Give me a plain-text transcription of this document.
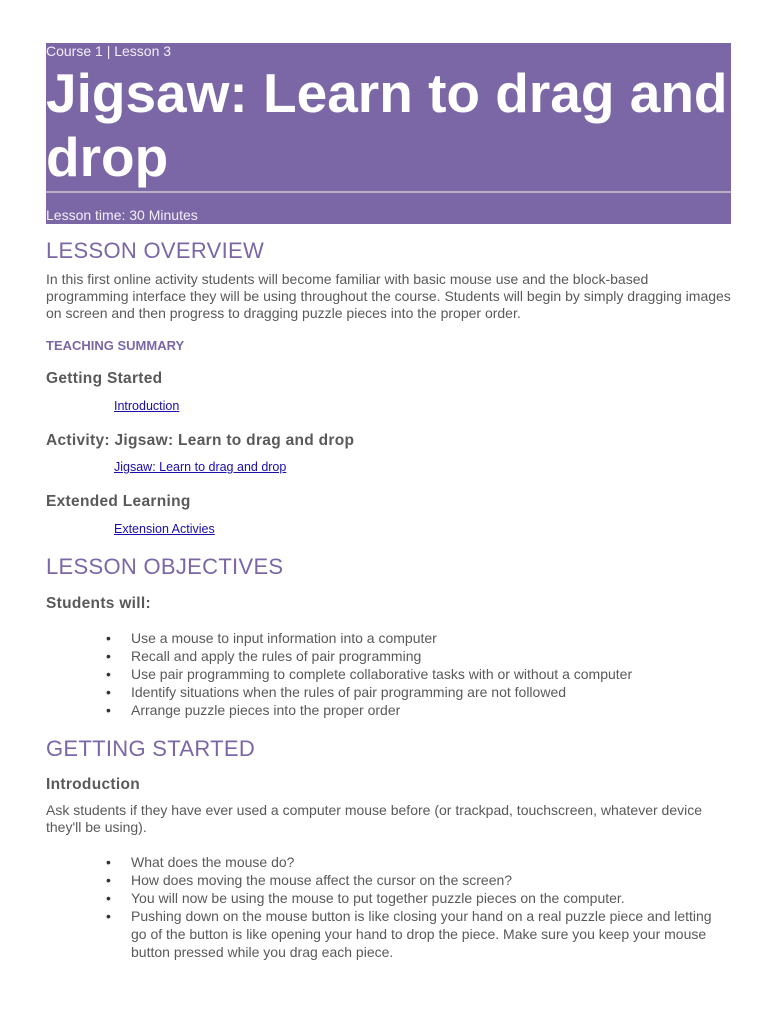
Course 1 | Lesson 3
Jigsaw: Learn to drag and drop
Lesson time: 30 Minutes
LESSON OVERVIEW

In this first online activity students will become familiar with basic mouse use and the block-based programming interface they will be using throughout the course. Students will begin by simply dragging images on screen and then progress to dragging puzzle pieces into the proper order.

TEACHING SUMMARY
Getting Started
Introduction
Activity: Jigsaw: Learn to drag and drop
Jigsaw: Learn to drag and drop
Extended Learning
Extension Activies
LESSON OBJECTIVES
Students will:
• Use a mouse to input information into a computer
• Recall and apply the rules of pair programming
• Use pair programming to complete collaborative tasks with or without a computer
• Identify situations when the rules of pair programming are not followed
• Arrange puzzle pieces into the proper order
GETTING STARTED
Introduction

Ask students if they have ever used a computer mouse before (or trackpad, touchscreen, whatever device they'll be using).

• What does the mouse do?
• How does moving the mouse affect the cursor on the screen?
• You will now be using the mouse to put together puzzle pieces on the computer.
• Pushing down on the mouse button is like closing your hand on a real puzzle piece and letting go of the button is like opening your hand to drop the piece. Make sure you keep your mouse button pressed while you drag each piece.
